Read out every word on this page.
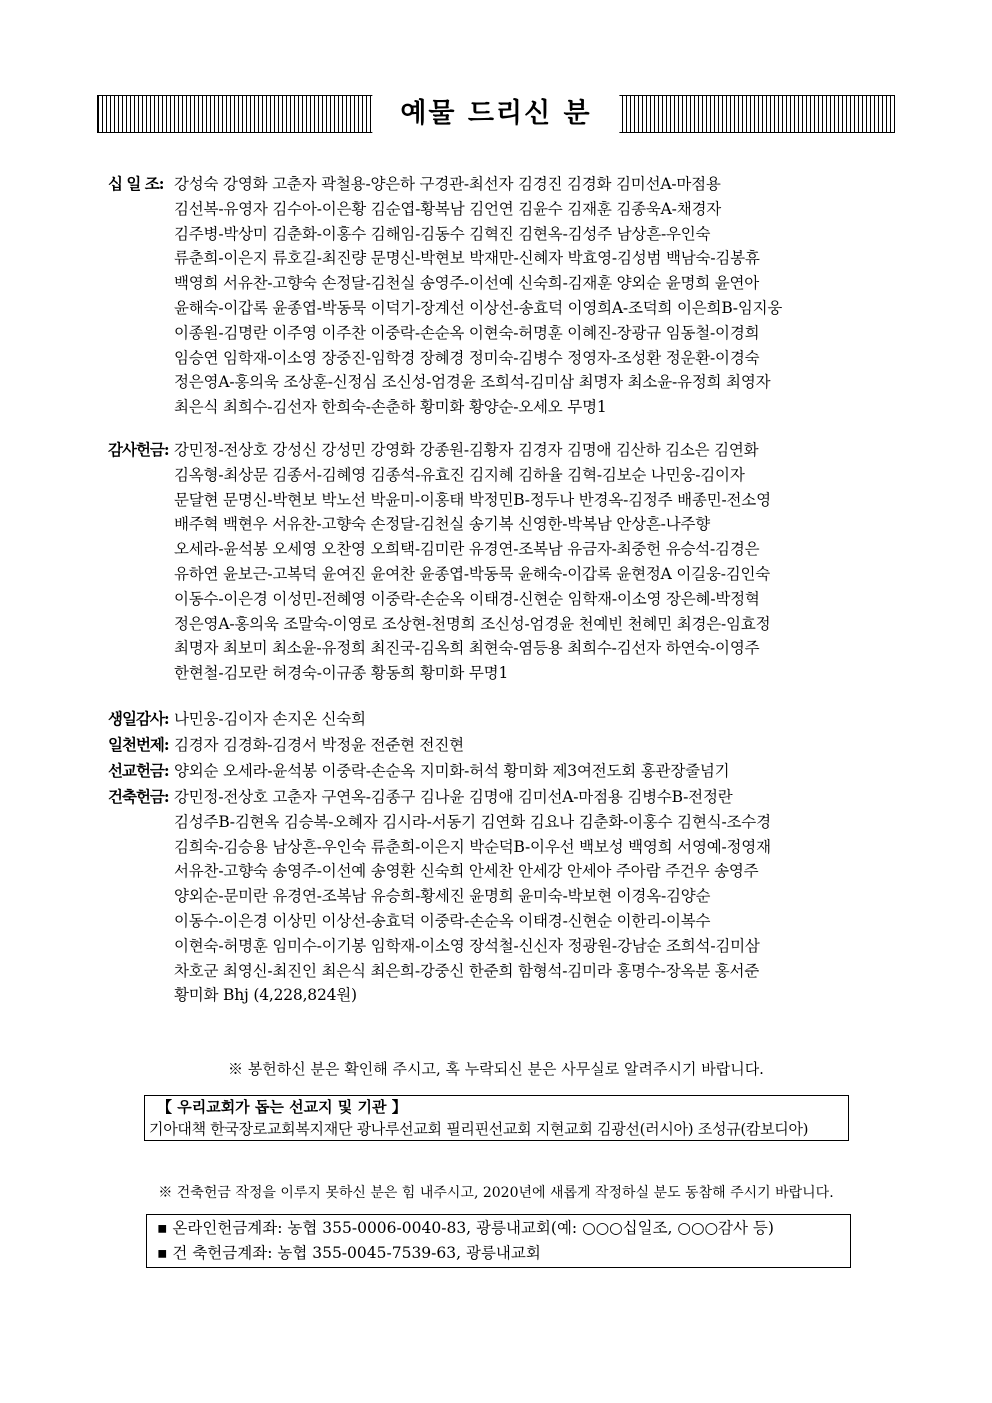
예물 드리신 분
십 일 조: 강성숙 강영화 고춘자 곽철용-양은하 구경관-최선자 김경진 김경화 김미선A-마점용
김선복-유영자 김수아-이은황 김순엽-황복남 김언연 김윤수 김재훈 김종욱A-채경자
김주병-박상미 김춘화-이홍수 김해임-김동수 김혁진 김현옥-김성주 남상흔-우인숙
류춘희-이은지 류호길-최진량 문명신-박현보 박재만-신혜자 박효영-김성범 백남숙-김봉휴
백영희 서유찬-고향숙 손정달-김천실 송영주-이선예 신숙희-김재훈 양외순 윤명희 윤연아
윤해숙-이갑록 윤종엽-박동묵 이덕기-장계선 이상선-송효덕 이영희A-조덕희 이은희B-임지웅
이종원-김명란 이주영 이주찬 이중락-손순옥 이현숙-허명훈 이혜진-장광규 임동철-이경희
임승연 임학재-이소영 장중진-임학경 장혜경 정미숙-김병수 정영자-조성환 정운환-이경숙
정은영A-홍의욱 조상훈-신정심 조신성-엄경윤 조희석-김미삼 최명자 최소윤-유정희 최영자
최은식 최희수-김선자 한희숙-손춘하 황미화 황양순-오세오 무명1
감사헌금: 강민정-전상호 강성신 강성민 강영화 강종원-김황자 김경자 김명애 김산하 김소은 김연화
김옥형-최상문 김종서-김혜영 김종석-유효진 김지혜 김하율 김혁-김보순 나민웅-김이자
문달현 문명신-박현보 박노선 박윤미-이홍태 박정민B-정두나 반경옥-김정주 배종민-전소영
배주혁 백현우 서유찬-고향숙 손정달-김천실 송기복 신영한-박복남 안상흔-나주향
오세라-윤석봉 오세영 오찬영 오희택-김미란 유경연-조복남 유금자-최중헌 유승석-김경은
유하연 윤보근-고복덕 윤여진 윤여찬 윤종엽-박동묵 윤해숙-이갑록 윤현정A 이길웅-김인숙
이동수-이은경 이성민-전혜영 이중락-손순옥 이태경-신현순 임학재-이소영 장은혜-박정혁
정은영A-홍의욱 조말숙-이영로 조상현-천명희 조신성-엄경윤 천예빈 천혜민 최경은-임효정
최명자 최보미 최소윤-유정희 최진국-김옥희 최현숙-염등용 최희수-김선자 하연숙-이영주
한현철-김모란 허경숙-이규종 황동희 황미화 무명1
생일감사: 나민웅-김이자 손지온 신숙희
일천번제: 김경자 김경화-김경서 박정윤 전준현 전진현
선교헌금: 양외순 오세라-윤석봉 이중락-손순옥 지미화-허석 황미화 제3여전도회 홍관장줄넘기
건축헌금: 강민정-전상호 고춘자 구연옥-김종구 김나윤 김명애 김미선A-마점용 김병수B-전정란
김성주B-김현옥 김승복-오혜자 김시라-서동기 김연화 김요나 김춘화-이홍수 김현식-조수경
김희숙-김승용 남상흔-우인숙 류춘희-이은지 박순덕B-이우선 백보성 백영희 서영예-정영재
서유찬-고향숙 송영주-이선예 송영환 신숙희 안세찬 안세강 안세아 주아람 주건우 송영주
양외순-문미란 유경연-조복남 유승희-황세진 윤명희 윤미숙-박보현 이경옥-김양순
이동수-이은경 이상민 이상선-송효덕 이중락-손순옥 이태경-신현순 이한리-이복수
이현숙-허명훈 임미수-이기봉 임학재-이소영 장석철-신신자 정광원-강남순 조희석-김미삼
차호군 최영신-최진인 최은식 최은희-강중신 한준희 함형석-김미라 홍명수-장옥분 홍서준
황미화 Bhj (4,228,824원)
※ 봉헌하신 분은 확인해 주시고, 혹 누락되신 분은 사무실로 알려주시기 바랍니다.
【 우리교회가 돕는 선교지 및 기관 】
기아대책 한국장로교회복지재단 광나루선교회 필리핀선교회 지현교회 김광선(러시아) 조성규(캄보디아)
※ 건축헌금 작정을 이루지 못하신 분은 힘 내주시고, 2020년에 새롭게 작정하실 분도 동참해 주시기 바랍니다.
▪ 온라인헌금계좌: 농협 355-0006-0040-83, 광릉내교회(예: ○○○십일조, ○○○감사 등)
▪ 건 축헌금계좌: 농협 355-0045-7539-63, 광릉내교회
